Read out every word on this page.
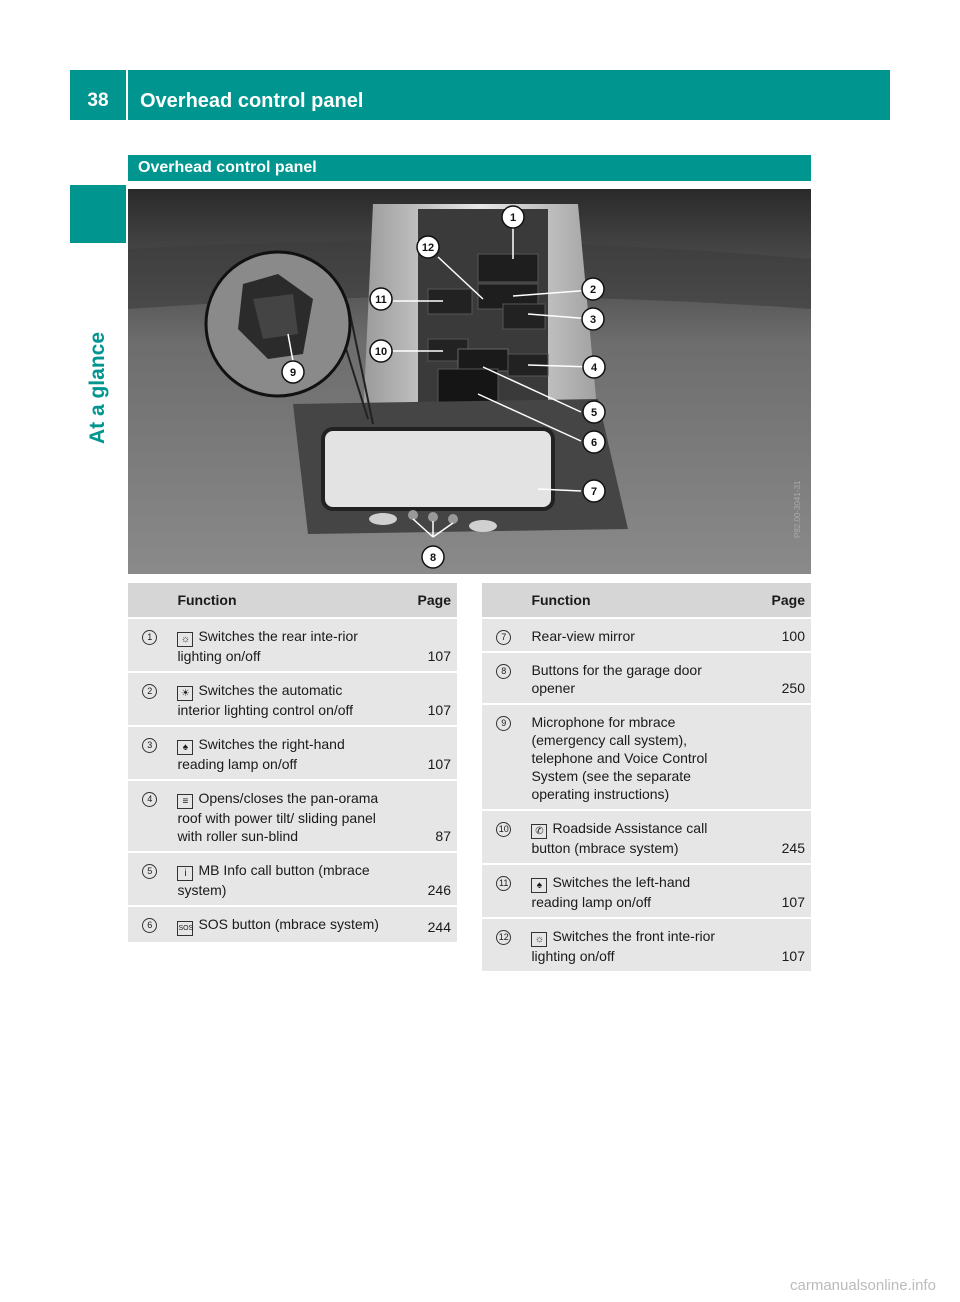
38	Overhead control panel
At a glance
Overhead control panel
1
12
2
11
3
10
4
9
5
6
7
8
P82.00-3041-31
	Function	Page
1	☼ Switches the rear inte-rior lighting on/off	107
2	☀ Switches the automatic interior lighting control on/off	107
3	♠ Switches the right-hand reading lamp on/off	107
4	≡ Opens/closes the pan-orama roof with power tilt/ sliding panel with roller sun-blind	87
5	i MB Info call button (mbrace system)	246
6	SOS SOS button (mbrace system)	244
	Function	Page
7	Rear-view mirror	100
8	Buttons for the garage door opener	250
9	Microphone for mbrace (emergency call system), telephone and Voice Control System (see the separate operating instructions)	
10	✆ Roadside Assistance call button (mbrace system)	245
11	♠ Switches the left-hand reading lamp on/off	107
12	☼ Switches the front inte-rior lighting on/off	107
carmanualsonline.info
